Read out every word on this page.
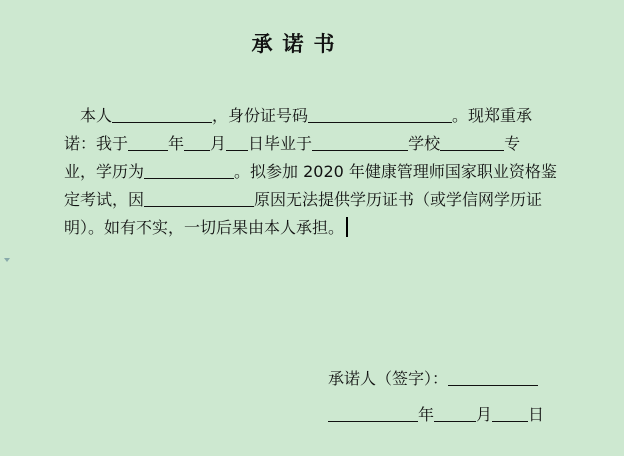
承诺书
本人	，身份证号码	。现郑重承
诺：我于	年 月 日毕业于	学校	专
业，学历为	。拟参加 2020 年健康管理师国家职业资格鉴
定考试，因	原因无法提供学历证书（或学信网学历证
明）。如有不实，一切后果由本人承担。
承诺人（签字）：
年	月 日
